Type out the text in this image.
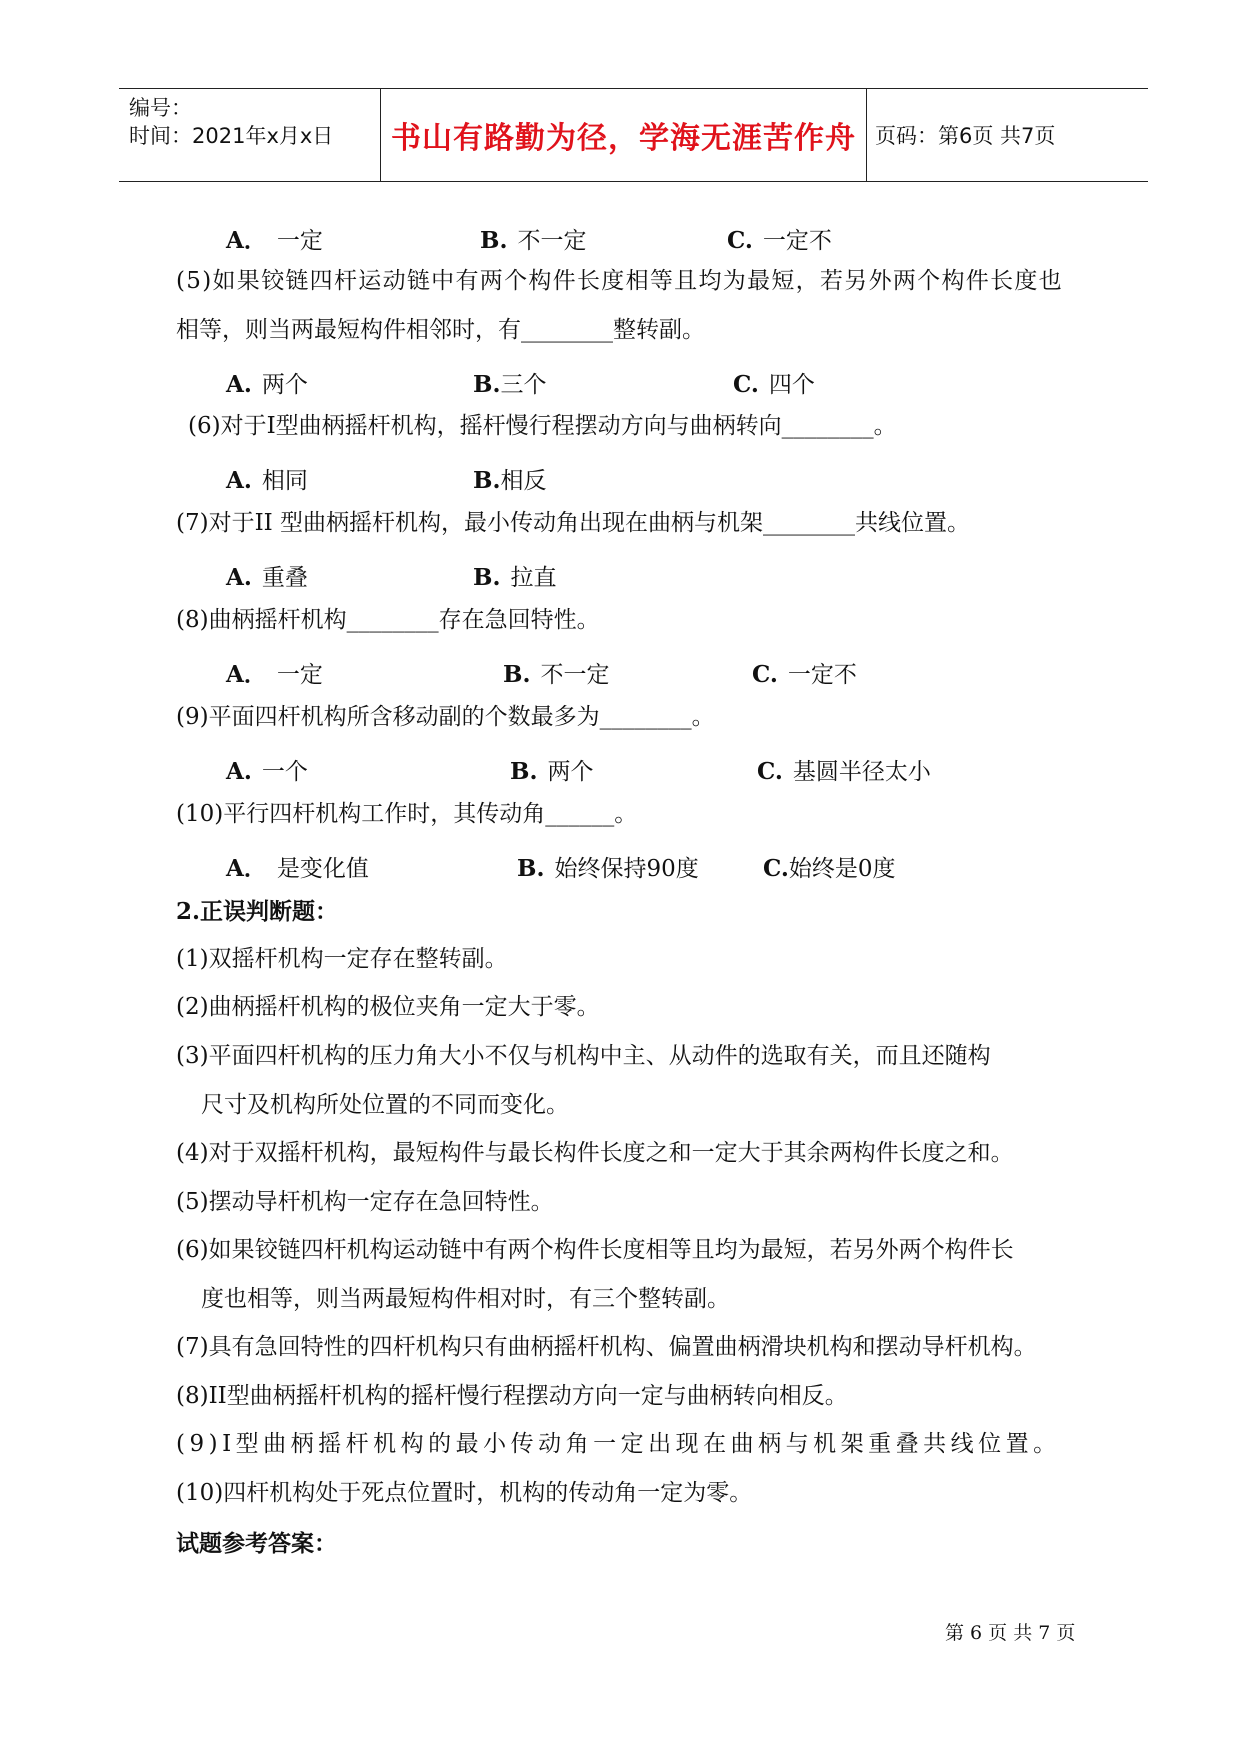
编号：
时间：2021年x月x日 书山有路勤为径，学海无涯苦作舟 页码：第6页 共7页
A． 一定	B. 不一定	C. 一定不
(5)如果铰链四杆运动链中有两个构件长度相等且均为最短，若另外两个构件长度也
相等，则当两最短构件相邻时，有________整转副。
A. 两个	B.三个	C. 四个
(6)对于I型曲柄摇杆机构，摇杆慢行程摆动方向与曲柄转向________。
A. 相同	B.相反
(7)对于II 型曲柄摇杆机构，最小传动角出现在曲柄与机架________共线位置。
A. 重叠	B. 拉直
(8)曲柄摇杆机构________存在急回特性。
A． 一定	B. 不一定	C. 一定不
(9)平面四杆机构所含移动副的个数最多为________。
A. 一个	B. 两个	C. 基圆半径太小
(10)平行四杆机构工作时，其传动角______。
A． 是变化值	B. 始终保持90度	C.始终是0度
2.正误判断题：
(1)双摇杆机构一定存在整转副。
(2)曲柄摇杆机构的极位夹角一定大于零。
(3)平面四杆机构的压力角大小不仅与机构中主、从动件的选取有关，而且还随构
尺寸及机构所处位置的不同而变化。
(4)对于双摇杆机构，最短构件与最长构件长度之和一定大于其余两构件长度之和。
(5)摆动导杆机构一定存在急回特性。
(6)如果铰链四杆机构运动链中有两个构件长度相等且均为最短，若另外两个构件长
度也相等，则当两最短构件相对时，有三个整转副。
(7)具有急回特性的四杆机构只有曲柄摇杆机构、偏置曲柄滑块机构和摆动导杆机构。
(8)II型曲柄摇杆机构的摇杆慢行程摆动方向一定与曲柄转向相反。
(9)I型曲柄摇杆机构的最小传动角一定出现在曲柄与机架重叠共线位置。
(10)四杆机构处于死点位置时，机构的传动角一定为零。
试题参考答案：
第 6 页 共 7 页
